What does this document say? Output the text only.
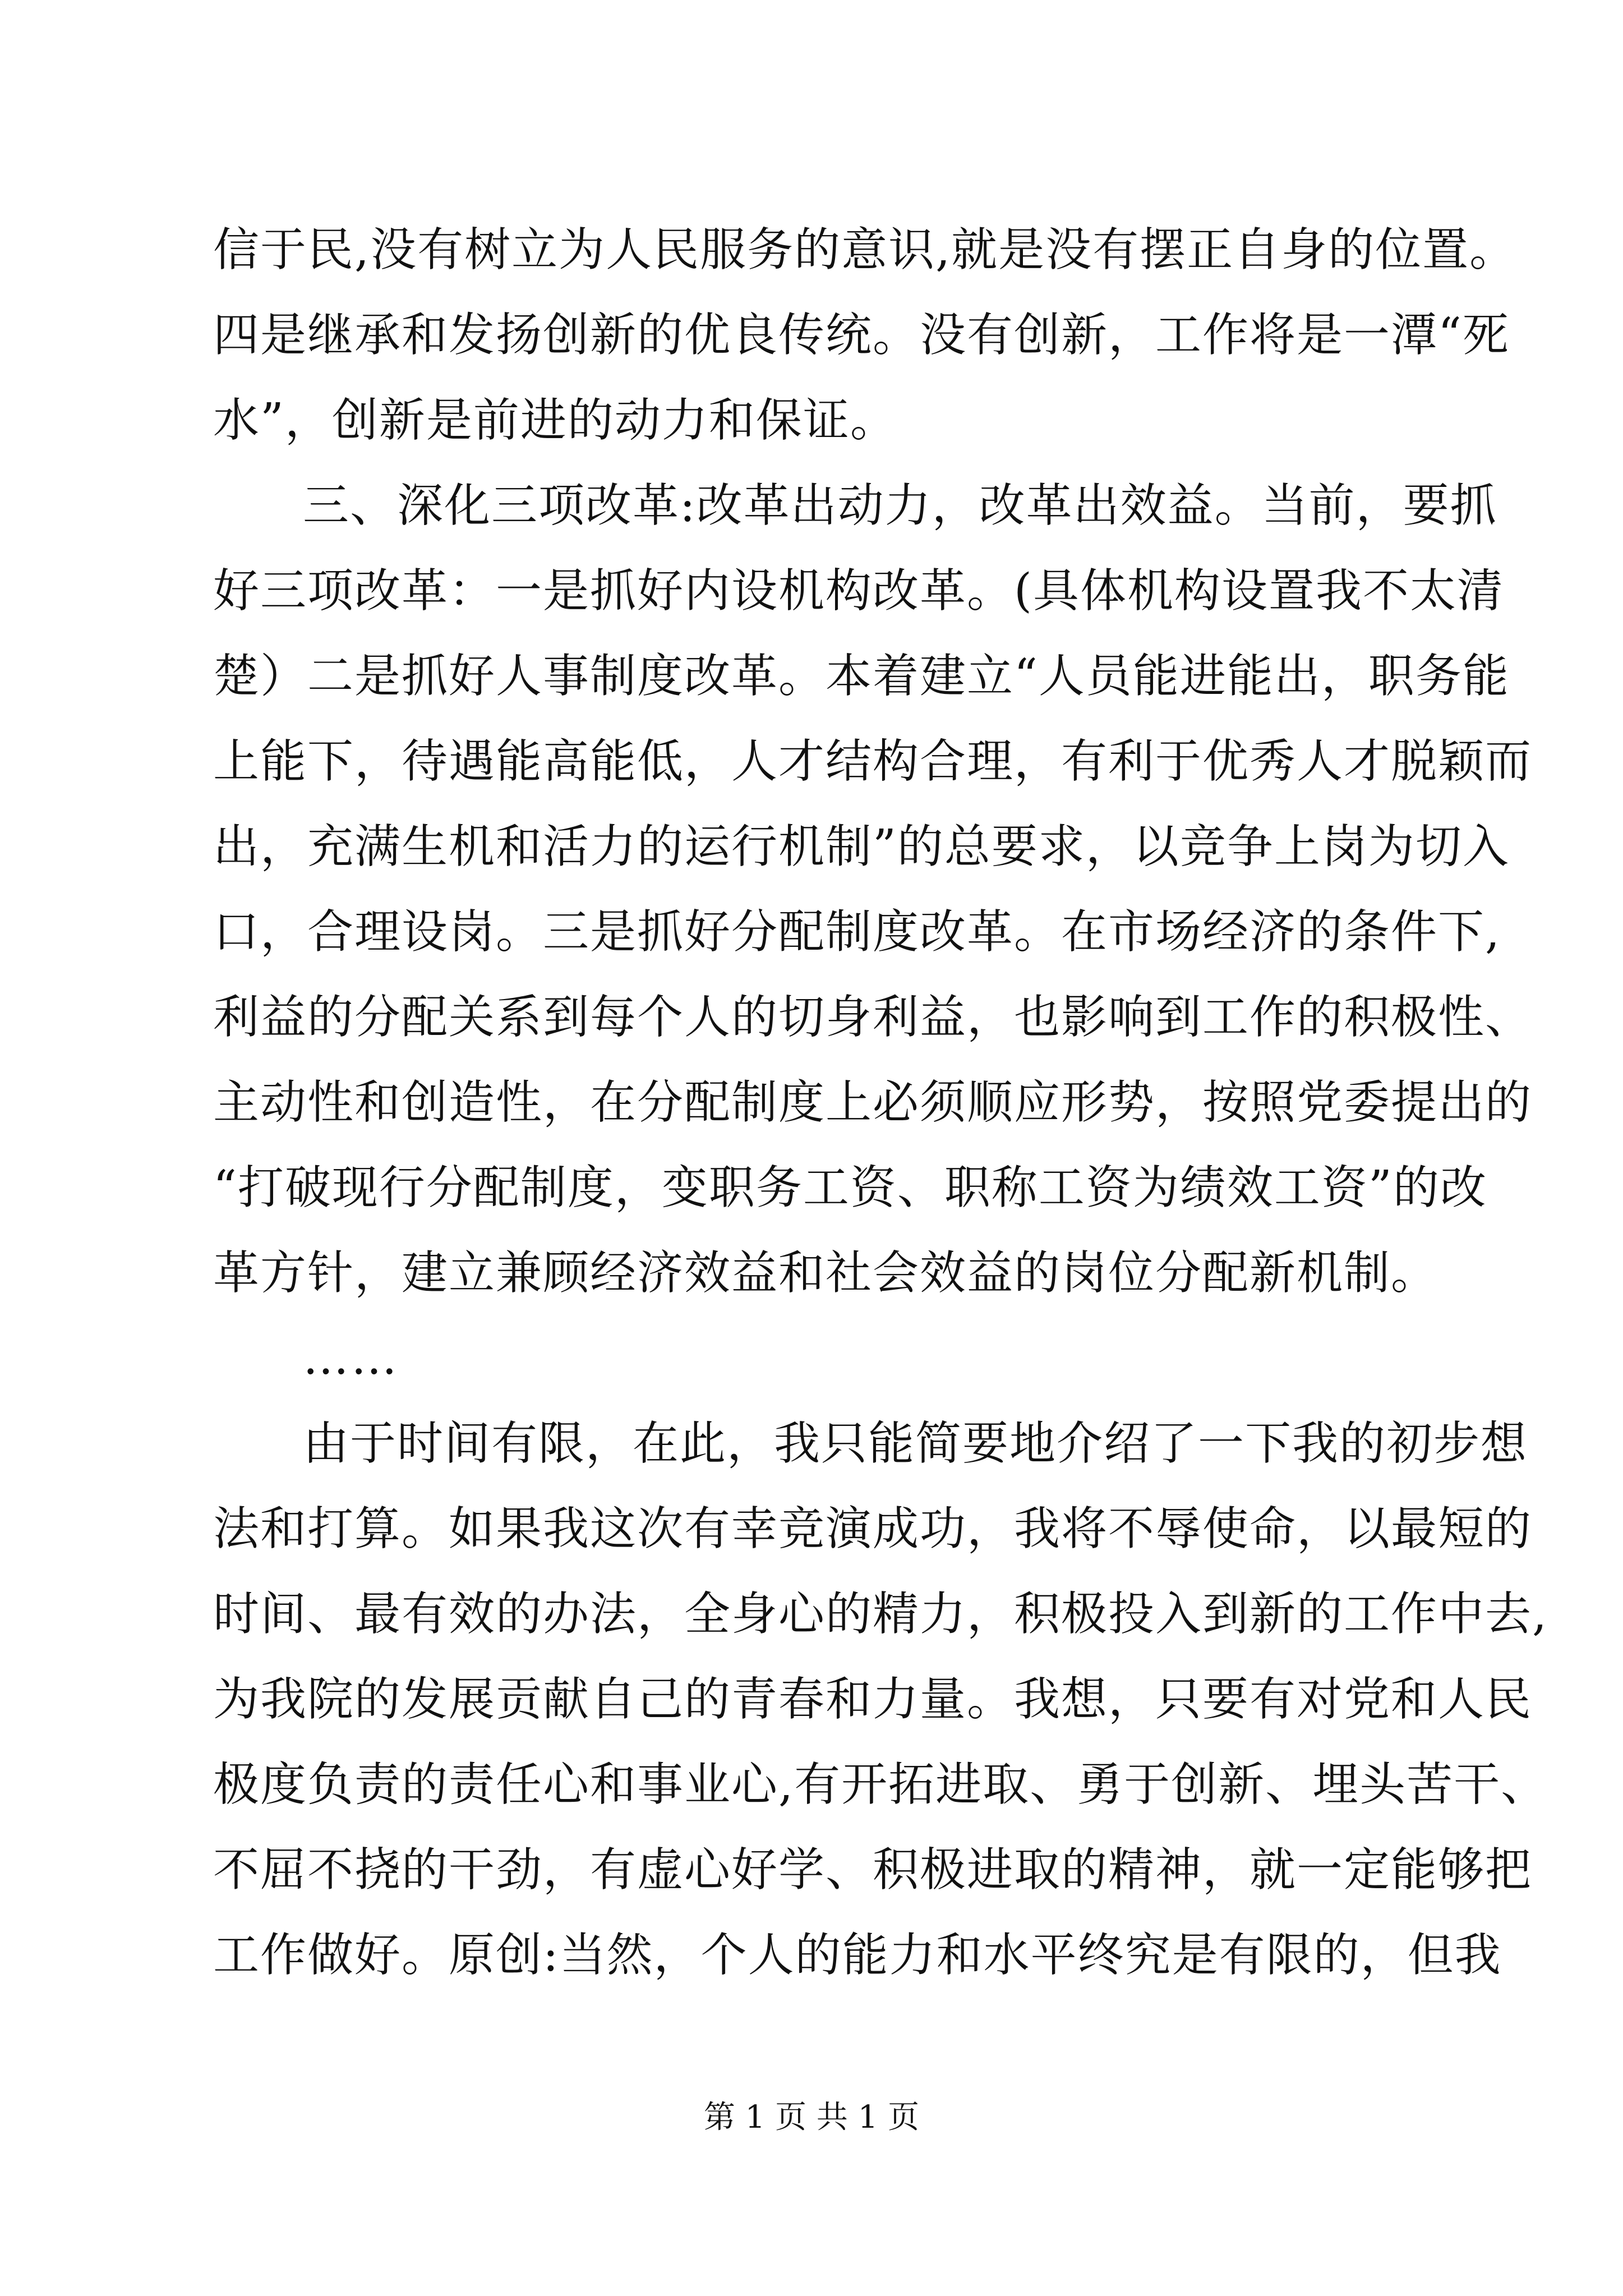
信于民,没有树立为人民服务的意识,就是没有摆正自身的位置。
四是继承和发扬创新的优良传统。没有创新，工作将是一潭“死
水”，创新是前进的动力和保证。
三、深化三项改革:改革出动力，改革出效益。当前，要抓
好三项改革：一是抓好内设机构改革。(具体机构设置我不太清
楚）二是抓好人事制度改革。本着建立“人员能进能出，职务能
上能下，待遇能高能低，人才结构合理，有利于优秀人才脱颖而
出，充满生机和活力的运行机制”的总要求，以竞争上岗为切入
口，合理设岗。三是抓好分配制度改革。在市场经济的条件下,
利益的分配关系到每个人的切身利益，也影响到工作的积极性、
主动性和创造性，在分配制度上必须顺应形势，按照党委提出的
“打破现行分配制度，变职务工资、职称工资为绩效工资”的改
革方针，建立兼顾经济效益和社会效益的岗位分配新机制。
……
由于时间有限，在此，我只能简要地介绍了一下我的初步想
法和打算。如果我这次有幸竞演成功，我将不辱使命，以最短的
时间、最有效的办法，全身心的精力，积极投入到新的工作中去,
为我院的发展贡献自己的青春和力量。我想，只要有对党和人民
极度负责的责任心和事业心,有开拓进取、勇于创新、埋头苦干、
不屈不挠的干劲，有虚心好学、积极进取的精神，就一定能够把
工作做好。原创:当然，个人的能力和水平终究是有限的，但我
第 1 页 共 1 页
